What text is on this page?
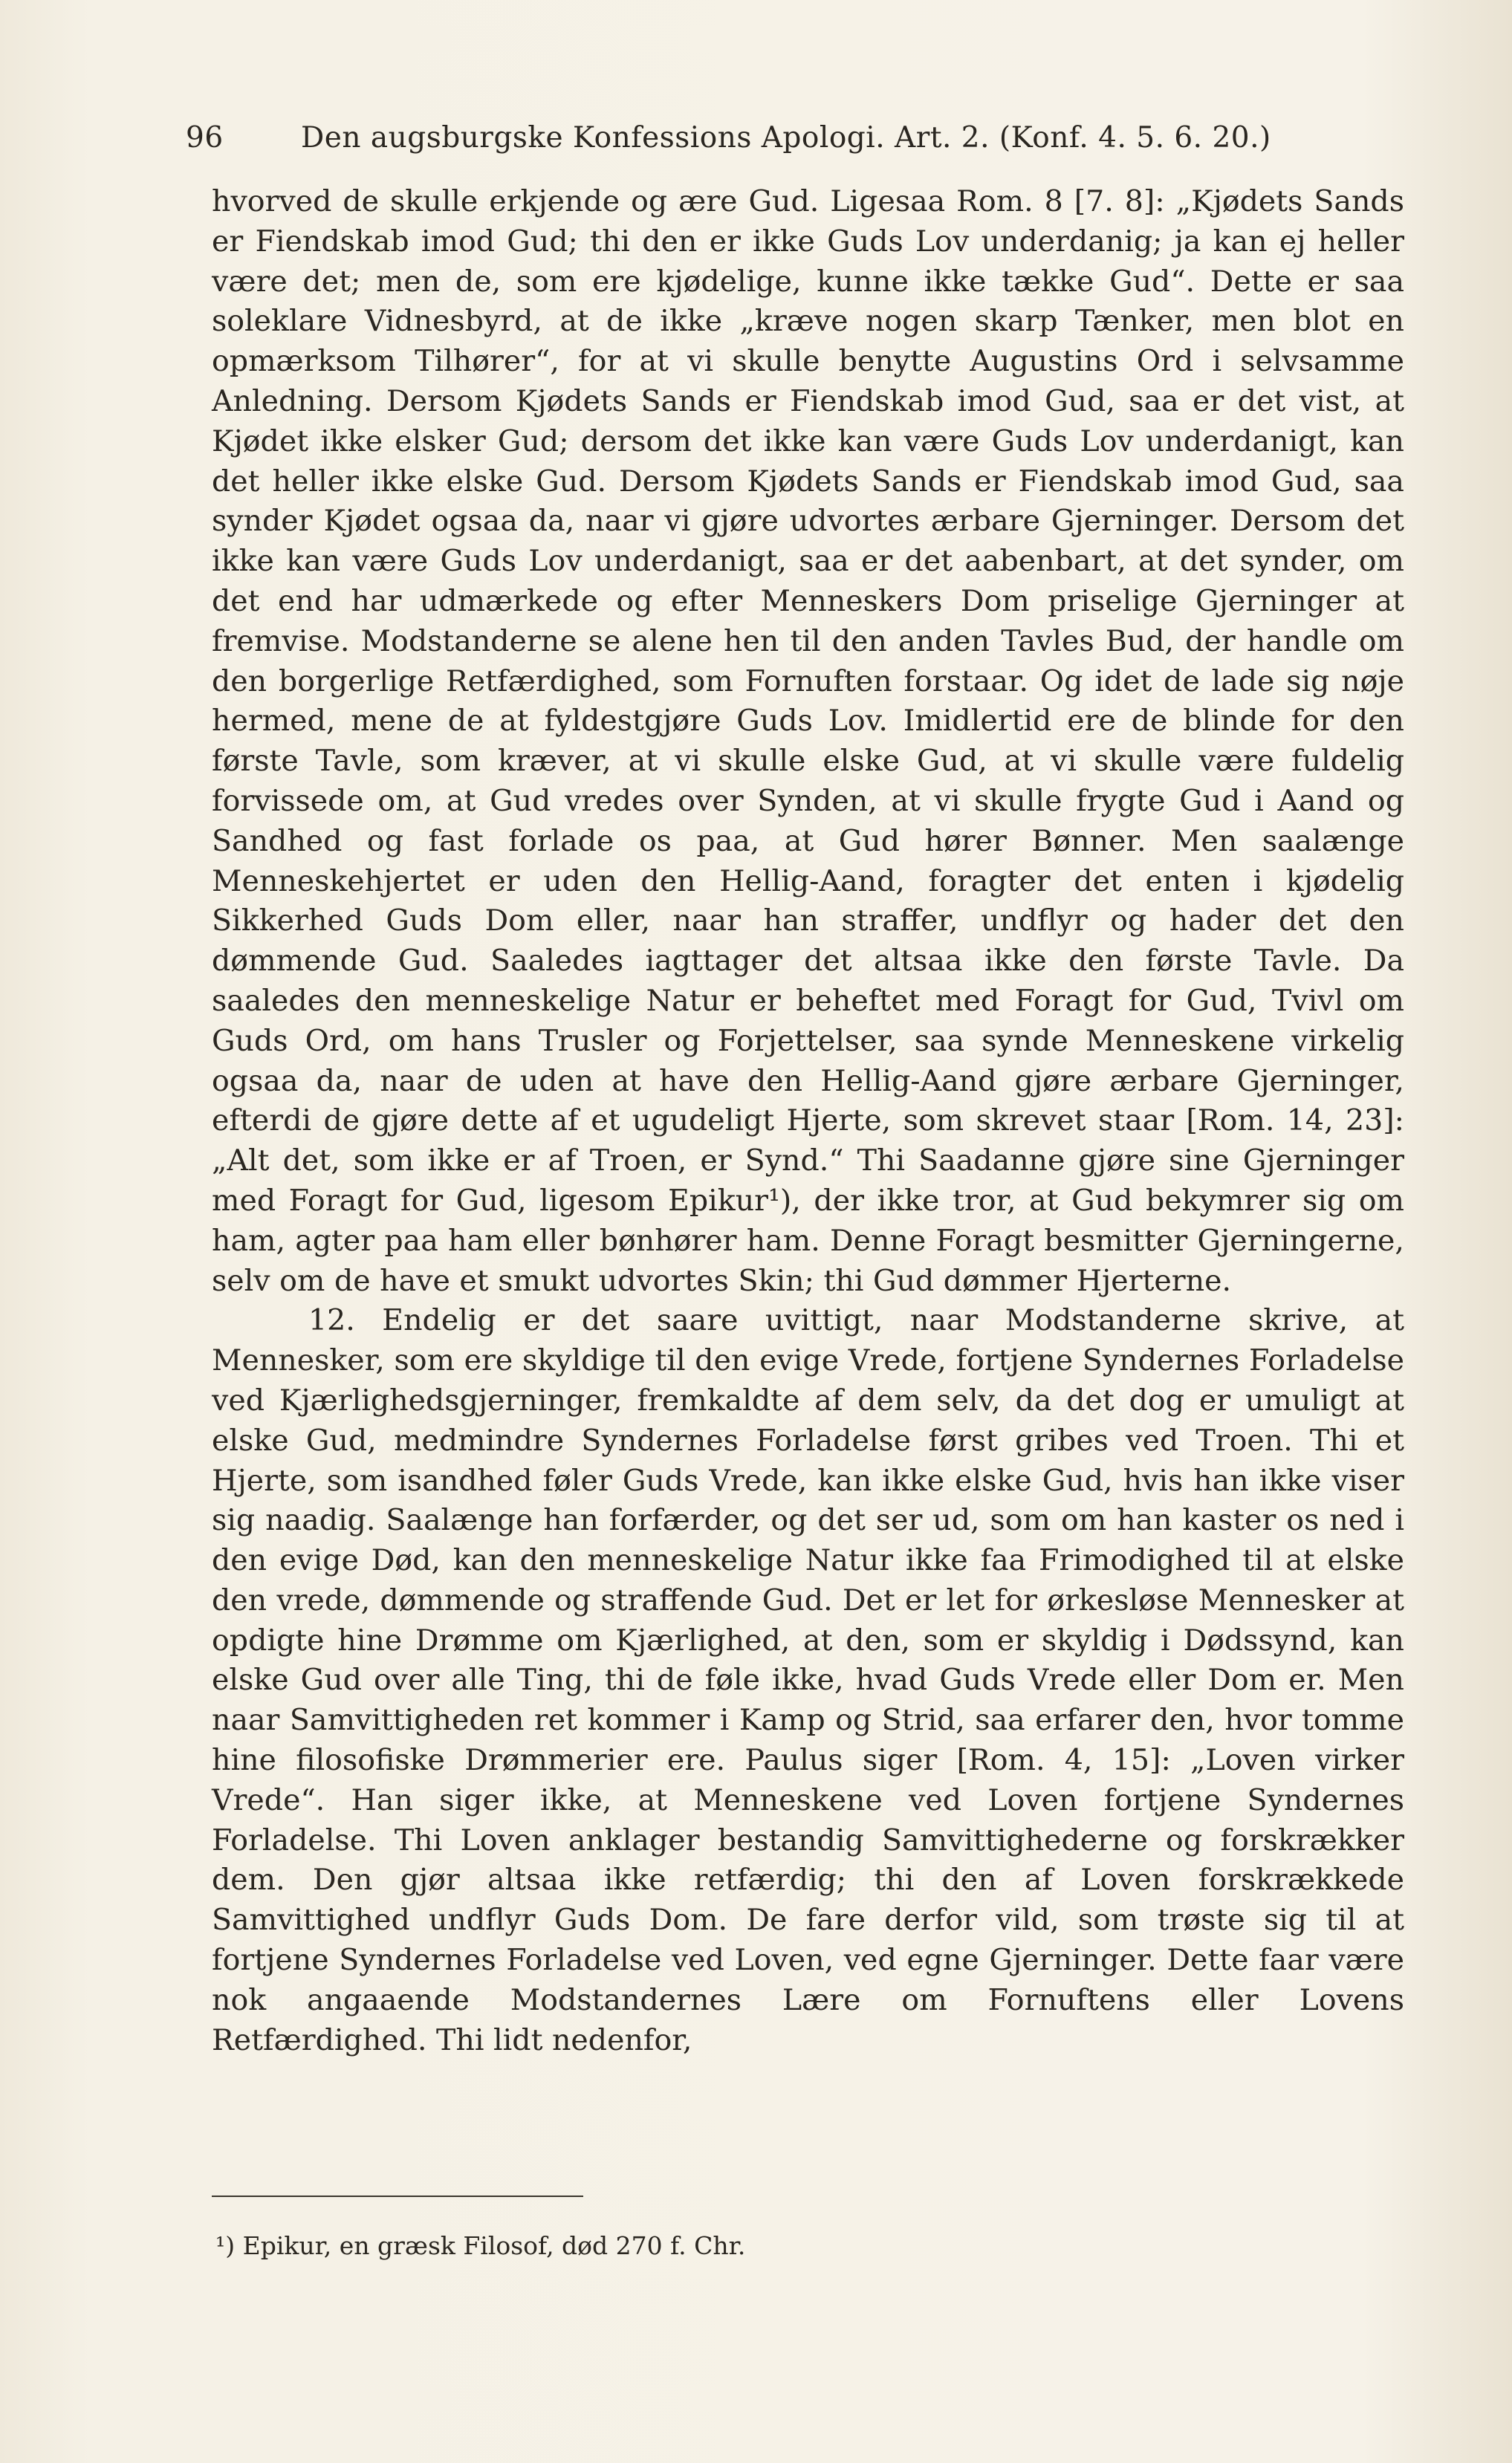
96	Den augsburgske Konfessions Apologi. Art. 2. (Konf. 4. 5. 6. 20.)

hvorved de skulle erkjende og ære Gud. Ligesaa Rom. 8 [7. 8]: „Kjødets Sands er Fiendskab imod Gud; thi den er ikke Guds Lov underdanig; ja kan ej heller være det; men de, som ere kjødelige, kunne ikke tække Gud“. Dette er saa soleklare Vidnesbyrd, at de ikke „kræve nogen skarp Tænker, men blot en opmærksom Tilhører“, for at vi skulle benytte Augustins Ord i selvsamme Anledning. Dersom Kjødets Sands er Fiendskab imod Gud, saa er det vist, at Kjødet ikke elsker Gud; dersom det ikke kan være Guds Lov underdanigt, kan det heller ikke elske Gud. Dersom Kjødets Sands er Fiendskab imod Gud, saa synder Kjødet ogsaa da, naar vi gjøre udvortes ærbare Gjerninger. Dersom det ikke kan være Guds Lov underdanigt, saa er det aabenbart, at det synder, om det end har udmærkede og efter Menneskers Dom priselige Gjerninger at fremvise. Modstanderne se alene hen til den anden Tavles Bud, der handle om den borgerlige Retfærdighed, som Fornuften forstaar. Og idet de lade sig nøje hermed, mene de at fyldestgjøre Guds Lov. Imidlertid ere de blinde for den første Tavle, som kræver, at vi skulle elske Gud, at vi skulle være fuldelig forvissede om, at Gud vredes over Synden, at vi skulle frygte Gud i Aand og Sandhed og fast forlade os paa, at Gud hører Bønner. Men saalænge Menneskehjertet er uden den Hellig-Aand, foragter det enten i kjødelig Sikkerhed Guds Dom eller, naar han straffer, undflyr og hader det den dømmende Gud. Saaledes iagttager det altsaa ikke den første Tavle. Da saaledes den menneskelige Natur er beheftet med Foragt for Gud, Tvivl om Guds Ord, om hans Trusler og Forjettelser, saa synde Menneskene virkelig ogsaa da, naar de uden at have den Hellig-Aand gjøre ærbare Gjerninger, efterdi de gjøre dette af et ugudeligt Hjerte, som skrevet staar [Rom. 14, 23]: „Alt det, som ikke er af Troen, er Synd.“ Thi Saadanne gjøre sine Gjerninger med Foragt for Gud, ligesom Epikur¹), der ikke tror, at Gud bekymrer sig om ham, agter paa ham eller bønhører ham. Denne Foragt besmitter Gjerningerne, selv om de have et smukt udvortes Skin; thi Gud dømmer Hjerterne.

12. Endelig er det saare uvittigt, naar Modstanderne skrive, at Mennesker, som ere skyldige til den evige Vrede, fortjene Syndernes Forladelse ved Kjærlighedsgjerninger, fremkaldte af dem selv, da det dog er umuligt at elske Gud, medmindre Syndernes Forladelse først gribes ved Troen. Thi et Hjerte, som isandhed føler Guds Vrede, kan ikke elske Gud, hvis han ikke viser sig naadig. Saalænge han forfærder, og det ser ud, som om han kaster os ned i den evige Død, kan den menneskelige Natur ikke faa Frimodighed til at elske den vrede, dømmende og straffende Gud. Det er let for ørkesløse Mennesker at opdigte hine Drømme om Kjærlighed, at den, som er skyldig i Dødssynd, kan elske Gud over alle Ting, thi de føle ikke, hvad Guds Vrede eller Dom er. Men naar Samvittigheden ret kommer i Kamp og Strid, saa erfarer den, hvor tomme hine filosofiske Drømmerier ere. Paulus siger [Rom. 4, 15]: „Loven virker Vrede“. Han siger ikke, at Menneskene ved Loven fortjene Syndernes Forladelse. Thi Loven anklager bestandig Samvittighederne og forskrækker dem. Den gjør altsaa ikke retfærdig; thi den af Loven forskrækkede Samvittighed undflyr Guds Dom. De fare derfor vild, som trøste sig til at fortjene Syndernes Forladelse ved Loven, ved egne Gjerninger. Dette faar være nok angaaende Modstandernes Lære om Fornuftens eller Lovens Retfærdighed. Thi lidt nedenfor,

¹) Epikur, en græsk Filosof, død 270 f. Chr.
